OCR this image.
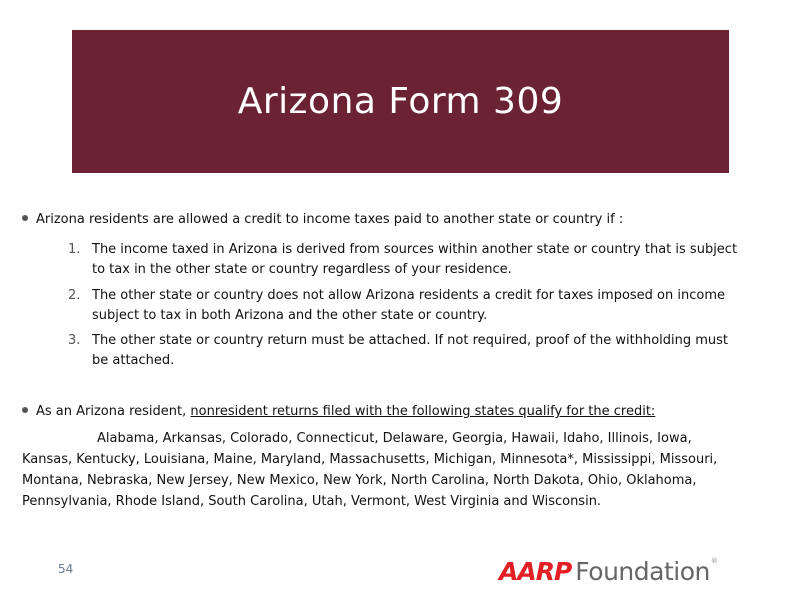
Arizona Form 309
Arizona residents are allowed a credit to income taxes paid to another state or country if :
1. The income taxed in Arizona is derived from sources within another state or country that is subject to tax in the other state or country regardless of your residence.
2. The other state or country does not allow Arizona residents a credit for taxes imposed on income subject to tax in both Arizona and the other state or country.
3. The other state or country return must be attached. If not required, proof of the withholding must be attached.
As an Arizona resident, nonresident returns filed with the following states qualify for the credit:
Alabama, Arkansas, Colorado, Connecticut, Delaware, Georgia, Hawaii, Idaho, Illinois, Iowa, Kansas, Kentucky, Louisiana, Maine, Maryland, Massachusetts, Michigan, Minnesota*, Mississippi, Missouri, Montana, Nebraska, New Jersey, New Mexico, New York, North Carolina, North Dakota, Ohio, Oklahoma, Pennsylvania, Rhode Island, South Carolina, Utah, Vermont, West Virginia and Wisconsin.
54	AARP Foundation ®
